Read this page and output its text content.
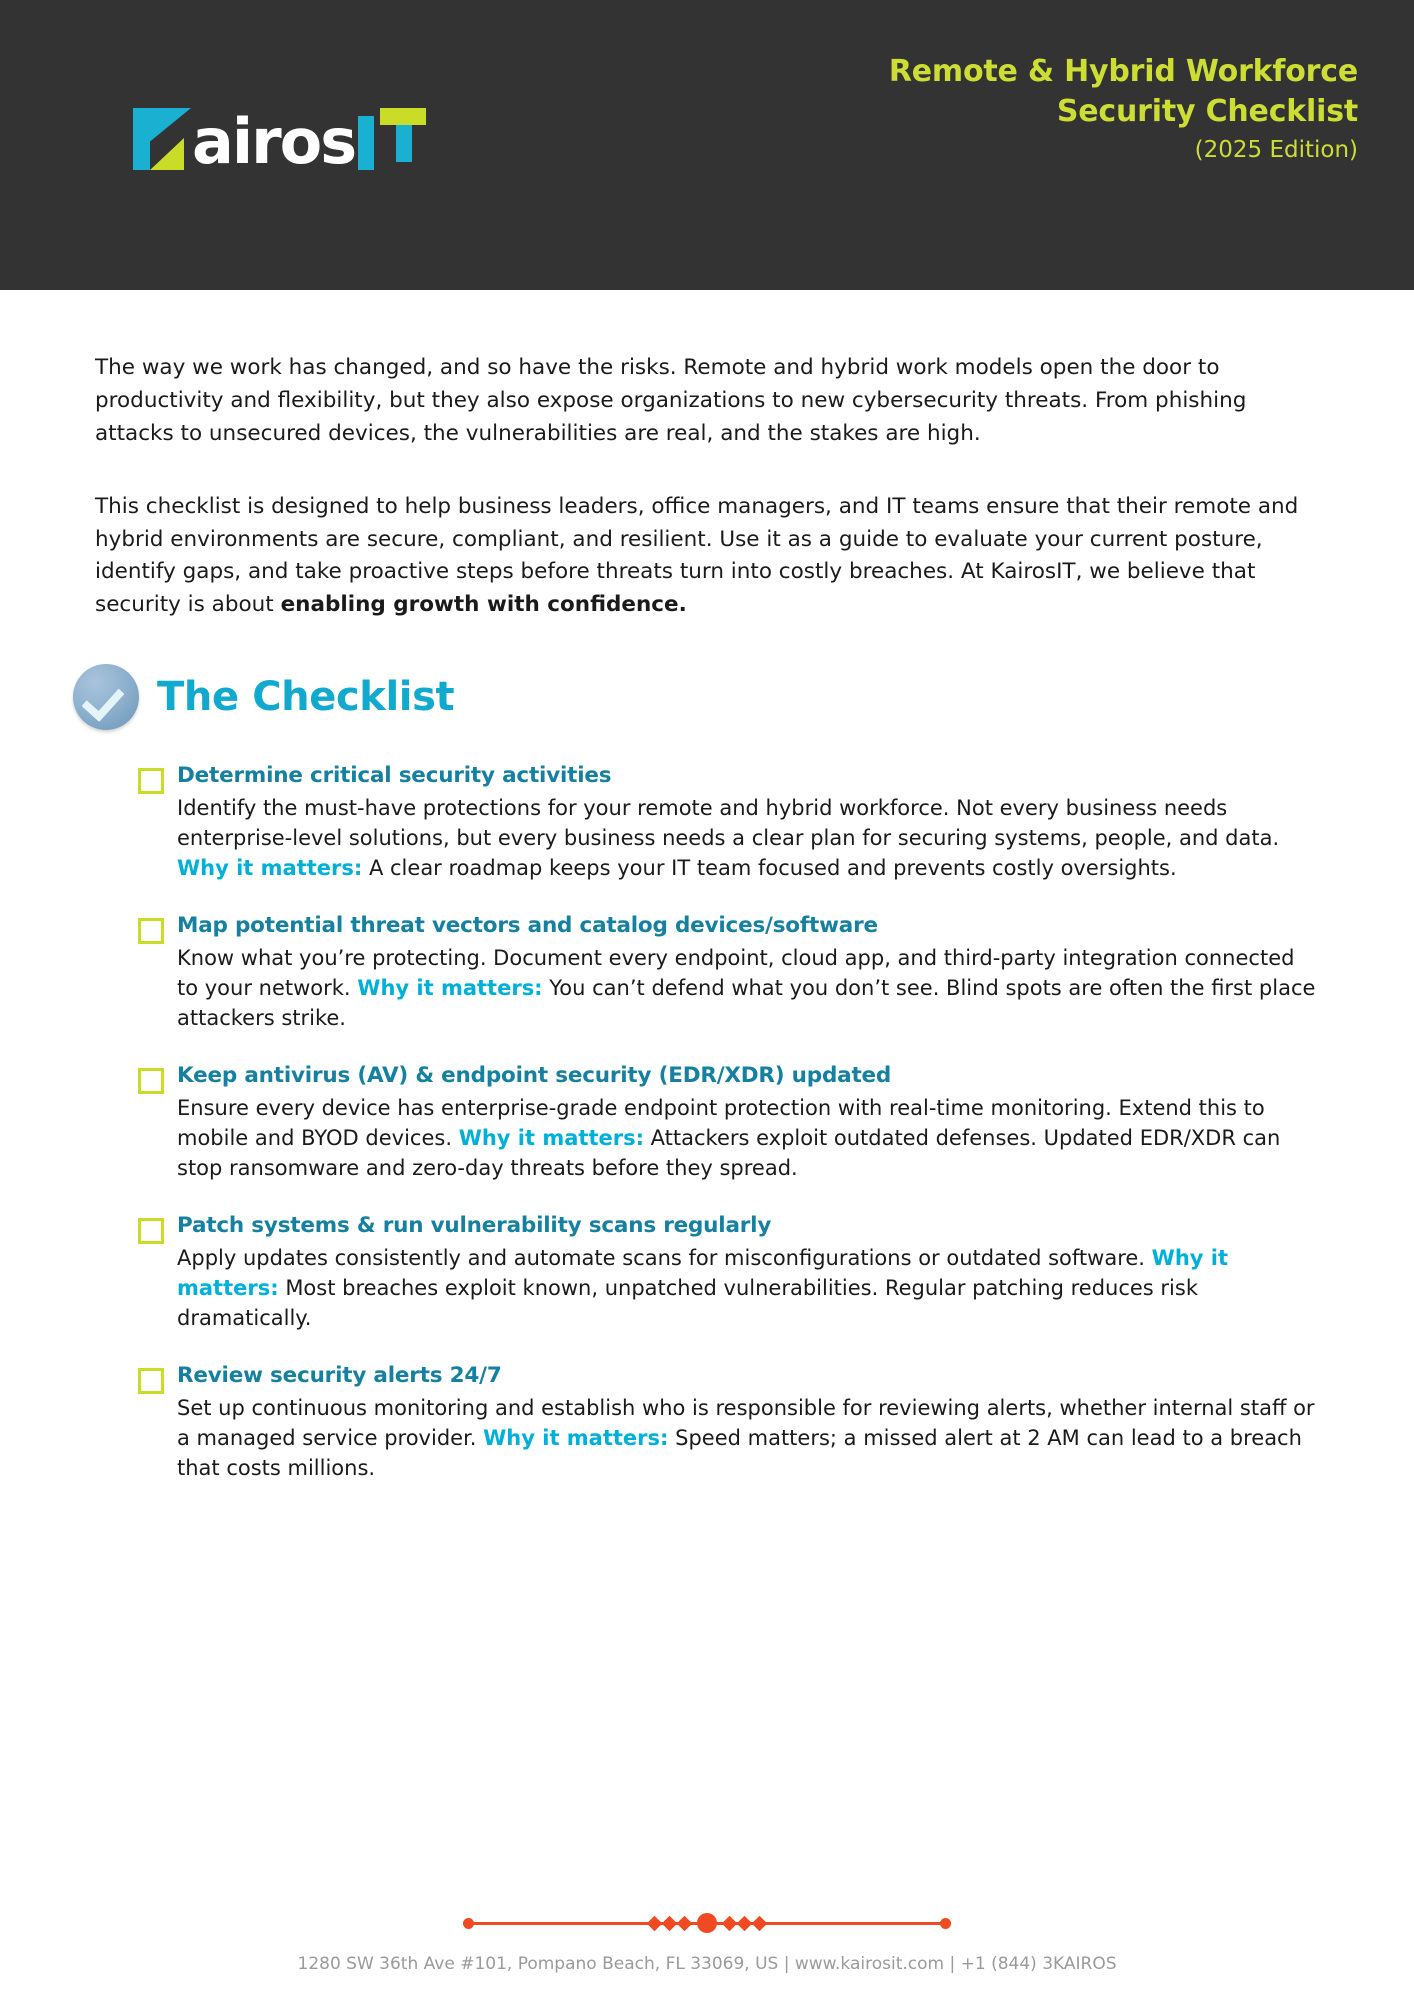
airos
Remote & Hybrid Workforce
Security Checklist
(2025 Edition)

The way we work has changed, and so have the risks. Remote and hybrid work models open the door to productivity and flexibility, but they also expose organizations to new cybersecurity threats. From phishing attacks to unsecured devices, the vulnerabilities are real, and the stakes are high.

This checklist is designed to help business leaders, office managers, and IT teams ensure that their remote and hybrid environments are secure, compliant, and resilient. Use it as a guide to evaluate your current posture, identify gaps, and take proactive steps before threats turn into costly breaches. At KairosIT, we believe that security is about enabling growth with confidence.

The Checklist
Determine critical security activities
Identify the must-have protections for your remote and hybrid workforce. Not every business needs enterprise-level solutions, but every business needs a clear plan for securing systems, people, and data. Why it matters: A clear roadmap keeps your IT team focused and prevents costly oversights.
Map potential threat vectors and catalog devices/software
Know what you’re protecting. Document every endpoint, cloud app, and third-party integration connected to your network. Why it matters: You can’t defend what you don’t see. Blind spots are often the first place attackers strike.
Keep antivirus (AV) & endpoint security (EDR/XDR) updated
Ensure every device has enterprise-grade endpoint protection with real-time monitoring. Extend this to mobile and BYOD devices. Why it matters: Attackers exploit outdated defenses. Updated EDR/XDR can stop ransomware and zero-day threats before they spread.
Patch systems & run vulnerability scans regularly
Apply updates consistently and automate scans for misconfigurations or outdated software. Why it matters: Most breaches exploit known, unpatched vulnerabilities. Regular patching reduces risk dramatically.
Review security alerts 24/7
Set up continuous monitoring and establish who is responsible for reviewing alerts, whether internal staff or a managed service provider. Why it matters: Speed matters; a missed alert at 2 AM can lead to a breach that costs millions.
1280 SW 36th Ave #101, Pompano Beach, FL 33069, US | www.kairosit.com | +1 (844) 3KAIROS
